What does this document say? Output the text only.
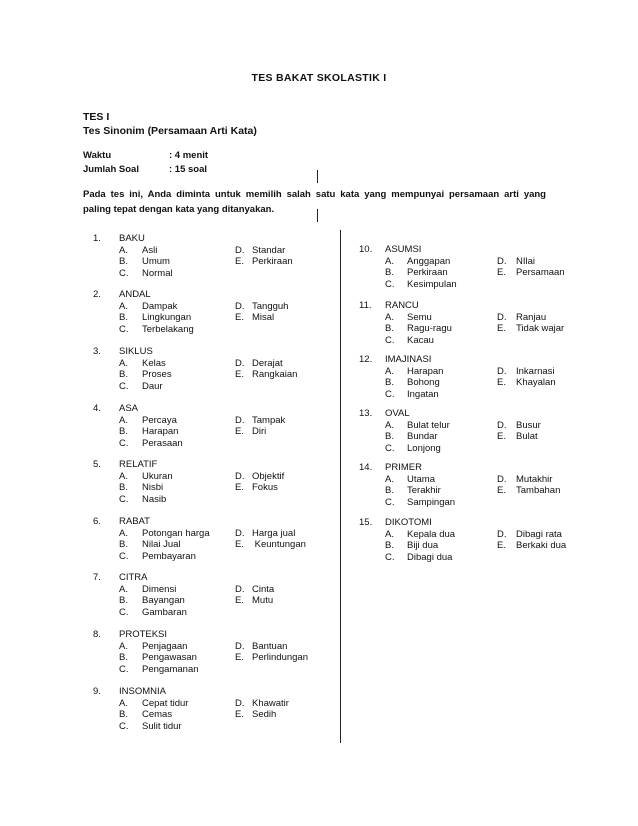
TES BAKAT SKOLASTIK I
TES I
Tes Sinonim (Persamaan Arti Kata)
Waktu	: 4 menit
Jumlah Soal	: 15 soal
Pada tes ini, Anda diminta untuk memilih salah satu kata yang mempunyai persamaan arti yang
paling tepat dengan kata yang ditanyakan.
1. BAKU
A. Asli
B. Umum
C. Normal
D. Standar
E. Perkiraan
2. ANDAL
A. Dampak
B. Lingkungan
C. Terbelakang
D. Tangguh
E. Misal
3. SIKLUS
A. Kelas
B. Proses
C. Daur
D. Derajat
E. Rangkaian
4. ASA
A. Percaya
B. Harapan
C. Perasaan
D. Tampak
E. Diri
5. RELATIF
A. Ukuran
B. Nisbi
C. Nasib
D. Objektif
E. Fokus
6. RABAT
A. Potongan harga
B. Nilai Jual
C. Pembayaran
D. Harga jual
E. Keuntungan
7. CITRA
A. Dimensi
B. Bayangan
C. Gambaran
D. Cinta
E. Mutu
8. PROTEKSI
A. Penjagaan
B. Pengawasan
C. Pengamanan
D. Bantuan
E. Perlindungan
9. INSOMNIA
A. Cepat tidur
B. Cemas
C. Sulit tidur
D. Khawatir
E. Sedih
10. ASUMSI
A. Anggapan
B. Perkiraan
C. Kesimpulan
D. NIlai
E. Persamaan
11. RANCU
A. Semu
B. Ragu-ragu
C. Kacau
D. Ranjau
E. Tidak wajar
12. IMAJINASI
A. Harapan
B. Bohong
C. Ingatan
D. Inkarnasi
E. Khayalan
13. OVAL
A. Bulat telur
B. Bundar
C. Lonjong
D. Busur
E. Bulat
14. PRIMER
A. Utama
B. Terakhir
C. Sampingan
D. Mutakhir
E. Tambahan
15. DIKOTOMI
A. Kepala dua
B. Biji dua
C. Dibagi dua
D. Dibagi rata
E. Berkaki dua
